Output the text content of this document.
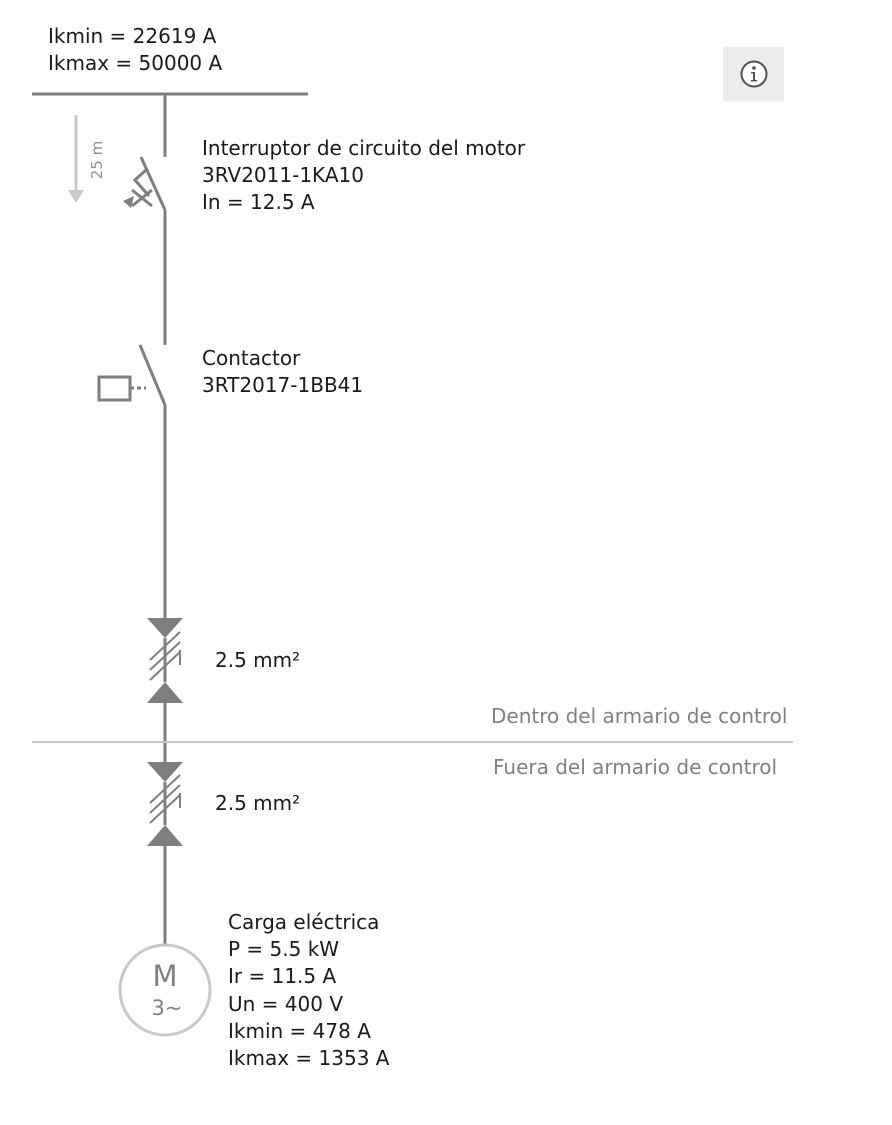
25 m
M
3~
Ikmin = 22619 A
Ikmax = 50000 A
Interruptor de circuito del motor
3RV2011-1KA10
In = 12.5 A
Contactor
3RT2017-1BB41
2.5 mm²
2.5 mm²
Dentro del armario de control
Fuera del armario de control
Carga eléctrica
P = 5.5 kW
Ir = 11.5 A
Un = 400 V
Ikmin = 478 A
Ikmax = 1353 A
